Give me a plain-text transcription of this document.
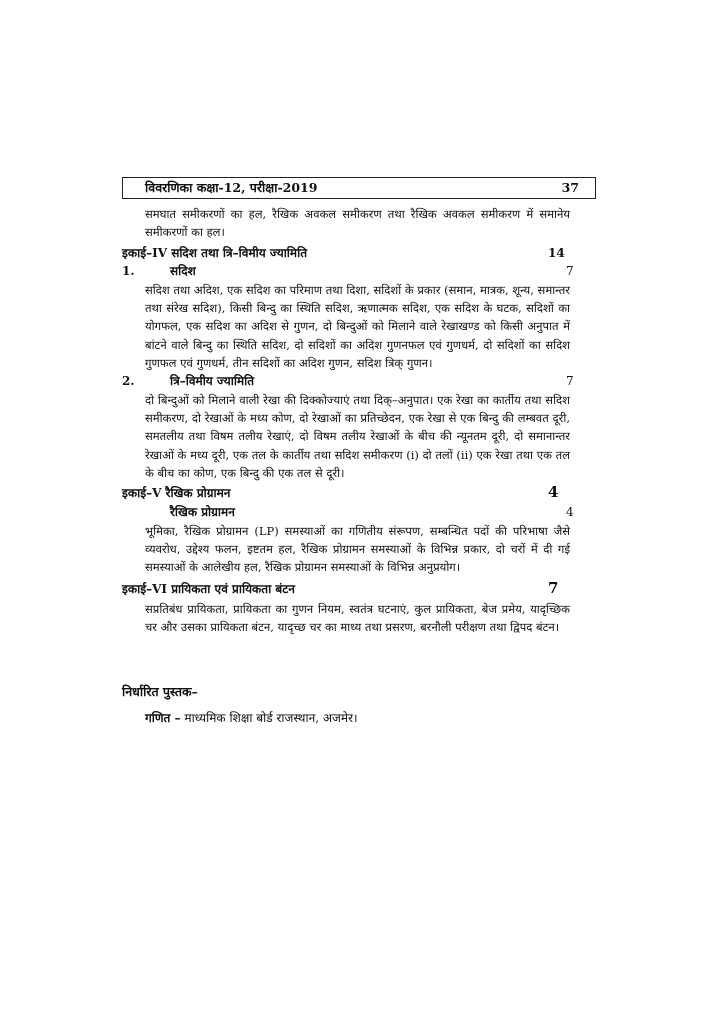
विवरणिका कक्षा-12, परीक्षा-2019	37
समघात समीकरणों का हल, रैखिक अवकल समीकरण तथा रैखिक अवकल समीकरण में समानेय समीकरणों का हल।
इकाई–IV सदिश तथा त्रि–विमीय ज्यामिति	14
1.	सदिश	7
सदिश तथा अदिश, एक सदिश का परिमाण तथा दिशा, सदिशों के प्रकार (समान, मात्रक, शून्य, समान्तर तथा संरेख सदिश), किसी बिन्दु का स्थिति सदिश, ऋणात्मक सदिश, एक सदिश के घटक, सदिशों का योगफल, एक सदिश का अदिश से गुणन, दो बिन्दुओं को मिलाने वाले रेखाखण्ड को किसी अनुपात में बांटने वाले बिन्दु का स्थिति सदिश, दो सदिशों का अदिश गुणनफल एवं गुणधर्म, दो सदिशों का सदिश गुणफल एवं गुणधर्म, तीन सदिशों का अदिश गुणन, सदिश त्रिक् गुणन।
2.	त्रि–विमीय ज्यामिति	7
दो बिन्दुओं को मिलाने वाली रेखा की दिक्कोज्याएं तथा दिक्–अनुपात। एक रेखा का कार्तीय तथा सदिश समीकरण, दो रेखाओं के मध्य कोण, दो रेखाओं का प्रतिच्छेदन, एक रेखा से एक बिन्दु की लम्बवत दूरी, समतलीय तथा विषम तलीय रेखाएं, दो विषम तलीय रेखाओं के बीच की न्यूनतम दूरी, दो समानान्तर रेखाओं के मध्य दूरी, एक तल के कार्तीय तथा सदिश समीकरण (i) दो तलों (ii) एक रेखा तथा एक तल के बीच का कोण, एक बिन्दु की एक तल से दूरी।
इकाई–V रैखिक प्रोग्रामन	4
रैखिक प्रोग्रामन	4
भूमिका, रैखिक प्रोग्रामन (LP) समस्याओं का गणितीय संरूपण, सम्बन्धित पदों की परिभाषा जैसे व्यवरोध, उद्देश्य फलन, इष्टतम हल, रैखिक प्रोग्रामन समस्याओं के विभिन्न प्रकार, दो चरों में दी गई समस्याओं के आलेखीय हल, रैखिक प्रोग्रामन समस्याओं के विभिन्न अनुप्रयोग।
इकाई–VI प्रायिकता एवं प्रायिकता बंटन	7
सप्रतिबंध प्रायिकता, प्रायिकता का गुणन नियम, स्वतंत्र घटनाएं, कुल प्रायिकता, बेज प्रमेय, यादृच्छिक चर और उसका प्रायिकता बंटन, यादृच्छ चर का माध्य तथा प्रसरण, बरनौली परीक्षण तथा द्विपद बंटन।
निर्धारित पुस्तक–
गणित – माध्यमिक शिक्षा बोर्ड राजस्थान, अजमेर।
